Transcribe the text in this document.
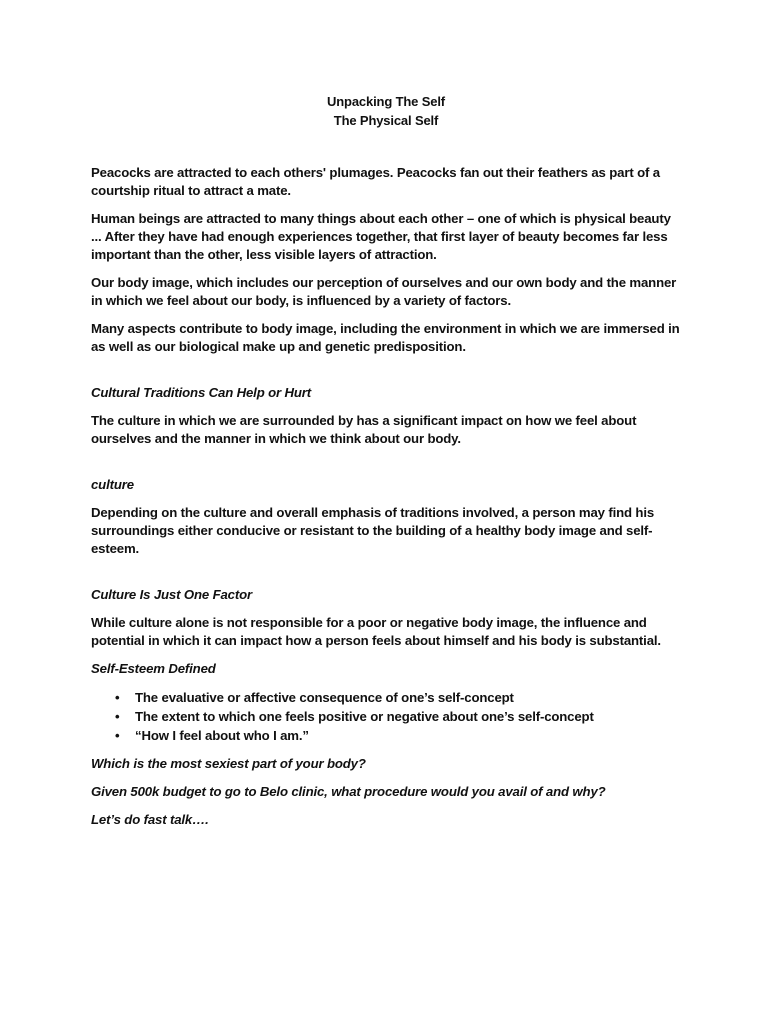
Unpacking The Self
The Physical Self

Peacocks are attracted to each others' plumages. Peacocks fan out their feathers as part of a courtship ritual to attract a mate.

Human beings are attracted to many things about each other – one of which is physical beauty ... After they have had enough experiences together, that first layer of beauty becomes far less important than the other, less visible layers of attraction.

Our body image, which includes our perception of ourselves and our own body and the manner in which we feel about our body, is influenced by a variety of factors.

Many aspects contribute to body image, including the environment in which we are immersed in as well as our biological make up and genetic predisposition.

Cultural Traditions Can Help or Hurt

The culture in which we are surrounded by has a significant impact on how we feel about ourselves and the manner in which we think about our body.

culture

Depending on the culture and overall emphasis of traditions involved, a person may find his surroundings either conducive or resistant to the building of a healthy body image and self-esteem.

Culture Is Just One Factor

While culture alone is not responsible for a poor or negative body image, the influence and potential in which it can impact how a person feels about himself and his body is substantial.

Self-Esteem Defined
• The evaluative or affective consequence of one’s self-concept
• The extent to which one feels positive or negative about one’s self-concept
• “How I feel about who I am.”
Which is the most sexiest part of your body?
Given 500k budget to go to Belo clinic, what procedure would you avail of and why?
Let’s do fast talk….
